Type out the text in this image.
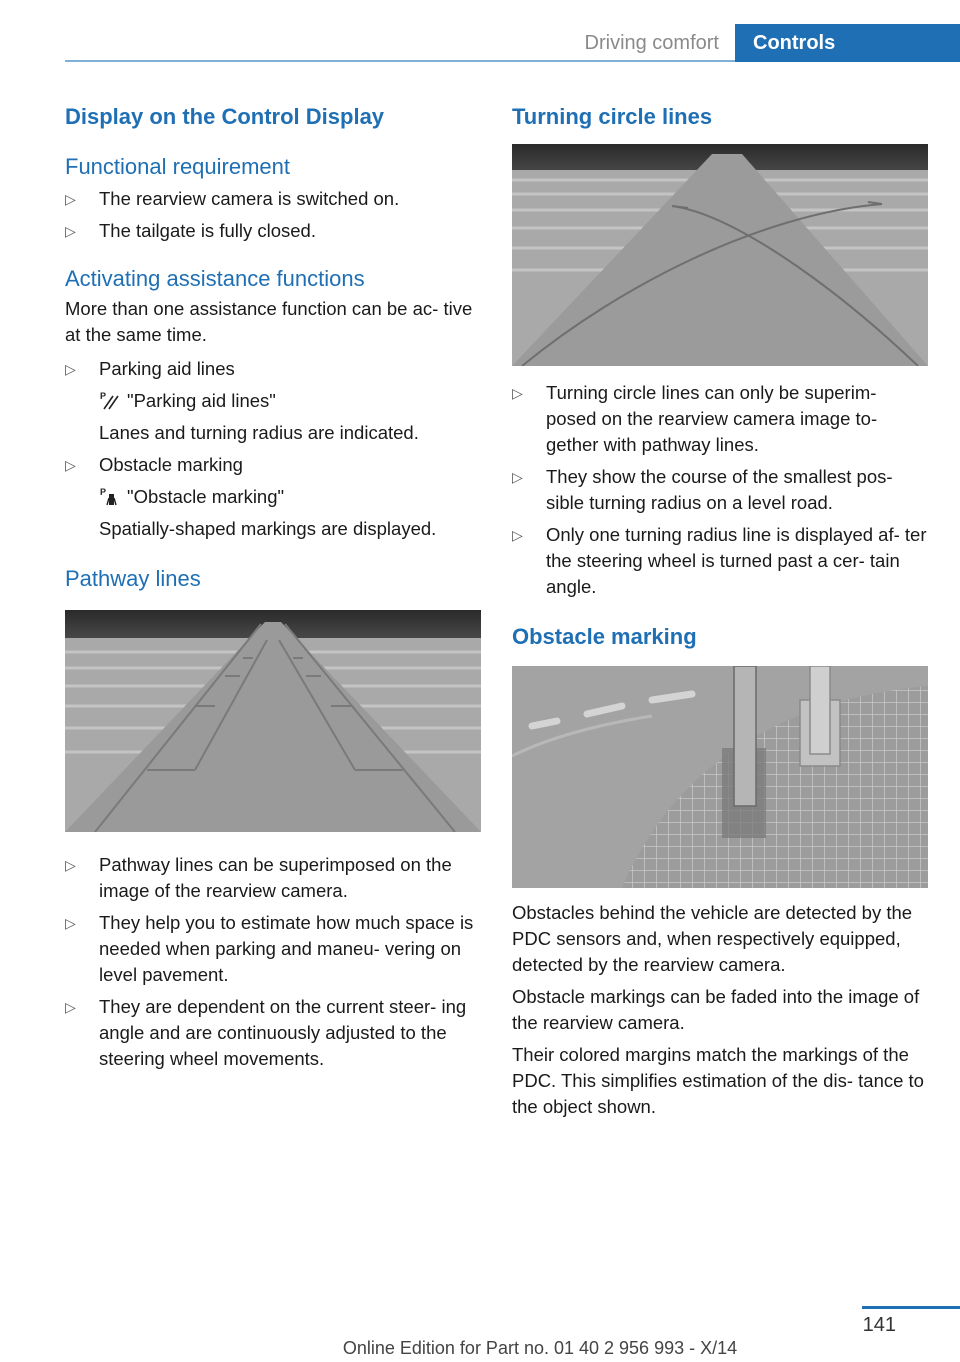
Driving comfort	Controls
Display on the Control Display
Functional requirement
▷ The rearview camera is switched on.
▷ The tailgate is fully closed.
Activating assistance functions

More than one assistance function can be ac- tive at the same time.

▷ Parking aid lines
P "Parking aid lines"
Lanes and turning radius are indicated.
▷ Obstacle marking
P "Obstacle marking"
Spatially-shaped markings are displayed.
Pathway lines
▷ Pathway lines can be superimposed on the image of the rearview camera.
▷ They help you to estimate how much space is needed when parking and maneu- vering on level pavement.
▷ They are dependent on the current steer- ing angle and are continuously adjusted to the steering wheel movements.
Turning circle lines
▷ Turning circle lines can only be superim- posed on the rearview camera image to- gether with pathway lines.
▷ They show the course of the smallest pos- sible turning radius on a level road.
▷ Only one turning radius line is displayed af- ter the steering wheel is turned past a cer- tain angle.
Obstacle marking

Obstacles behind the vehicle are detected by the PDC sensors and, when respectively equipped, detected by the rearview camera.

Obstacle markings can be faded into the image of the rearview camera.

Their colored margins match the markings of the PDC. This simplifies estimation of the dis- tance to the object shown.

141
Online Edition for Part no. 01 40 2 956 993 - X/14
